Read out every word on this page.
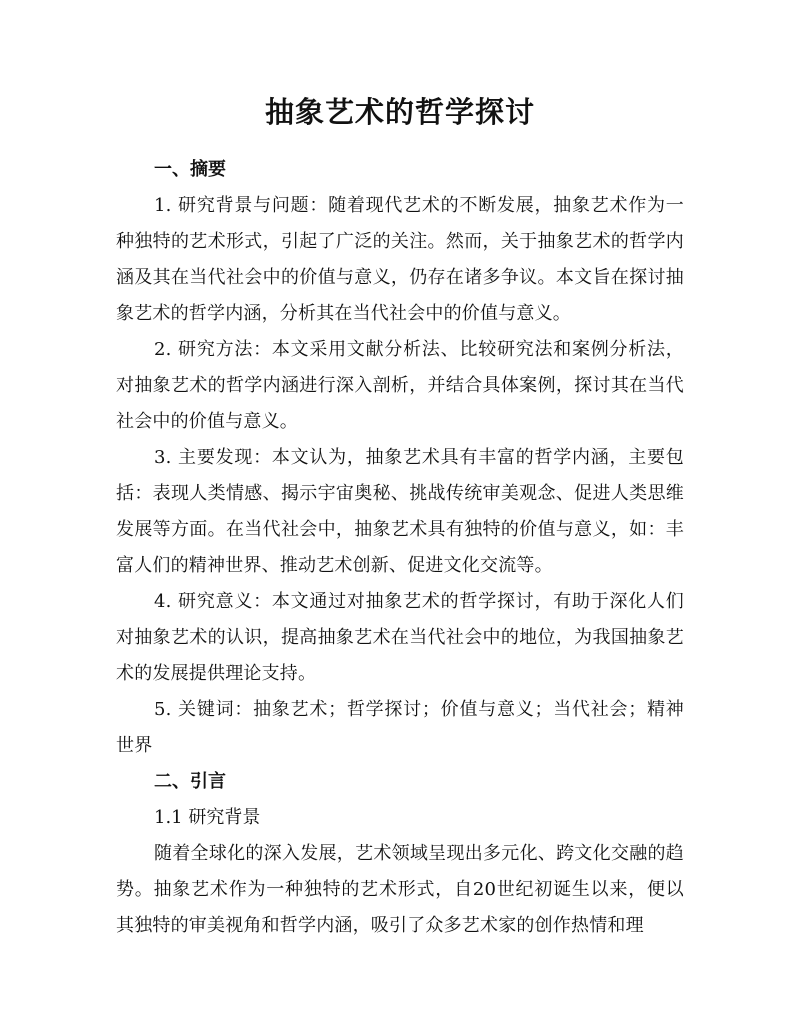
抽象艺术的哲学探讨
一、摘要

1. 研究背景与问题：随着现代艺术的不断发展，抽象艺术作为一种独特的艺术形式，引起了广泛的关注。然而，关于抽象艺术的哲学内涵及其在当代社会中的价值与意义，仍存在诸多争议。本文旨在探讨抽象艺术的哲学内涵，分析其在当代社会中的价值与意义。

2. 研究方法：本文采用文献分析法、比较研究法和案例分析法，对抽象艺术的哲学内涵进行深入剖析，并结合具体案例，探讨其在当代社会中的价值与意义。

3. 主要发现：本文认为，抽象艺术具有丰富的哲学内涵，主要包括：表现人类情感、揭示宇宙奥秘、挑战传统审美观念、促进人类思维发展等方面。在当代社会中，抽象艺术具有独特的价值与意义，如：丰富人们的精神世界、推动艺术创新、促进文化交流等。

4. 研究意义：本文通过对抽象艺术的哲学探讨，有助于深化人们对抽象艺术的认识，提高抽象艺术在当代社会中的地位，为我国抽象艺术的发展提供理论支持。

5. 关键词：抽象艺术；哲学探讨；价值与意义；当代社会；精神世界

二、引言

1.1 研究背景

随着全球化的深入发展，艺术领域呈现出多元化、跨文化交融的趋势。抽象艺术作为一种独特的艺术形式，自20世纪初诞生以来，便以其独特的审美视角和哲学内涵，吸引了众多艺术家的创作热情和理
